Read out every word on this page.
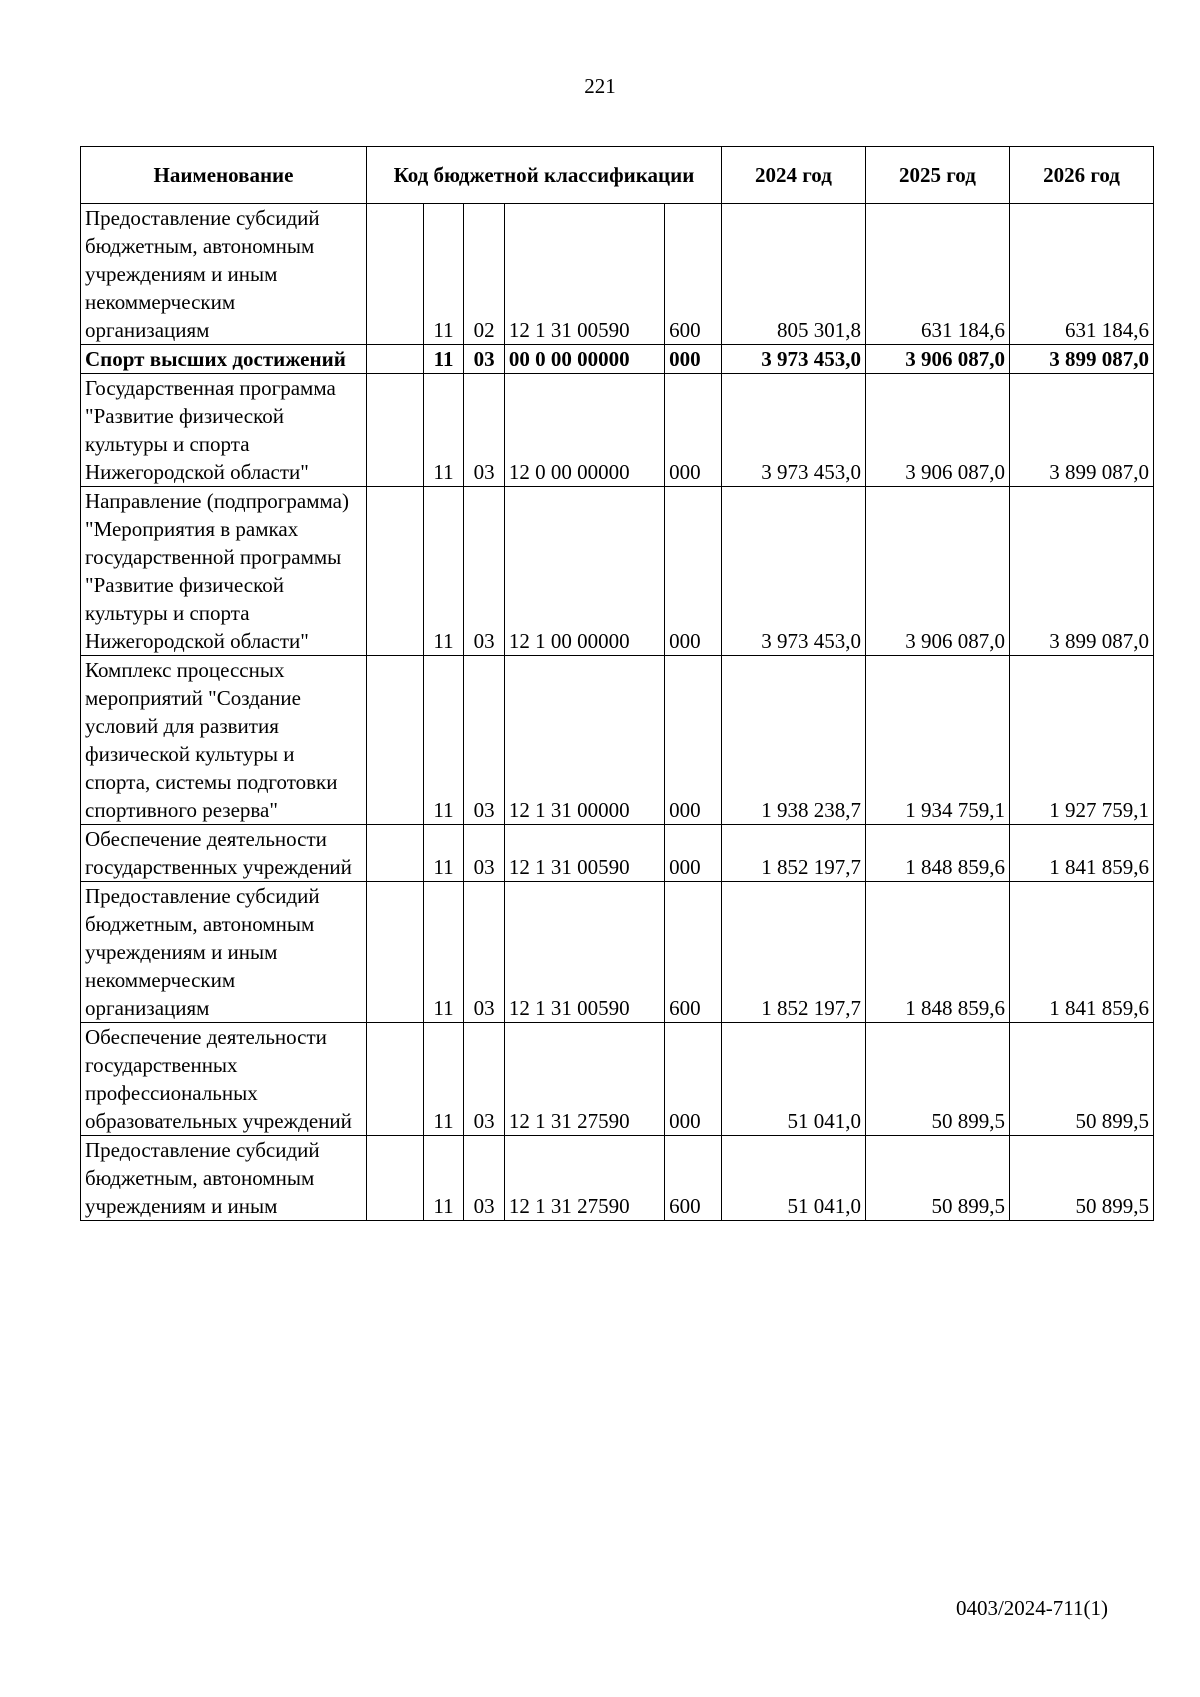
221
Наименование	Код бюджетной классификации					2024 год	2025 год	2026 год
Предоставление субсидий бюджетным, автономным учреждениям и иным некоммерческим организациям		11	02	12 1 31 00590	600	805 301,8	631 184,6	631 184,6
Спорт высших достижений		11	03	00 0 00 00000	000	3 973 453,0	3 906 087,0	3 899 087,0
Государственная программа "Развитие физической культуры и спорта Нижегородской области"		11	03	12 0 00 00000	000	3 973 453,0	3 906 087,0	3 899 087,0
Направление (подпрограмма) "Мероприятия в рамках государственной программы "Развитие физической культуры и спорта Нижегородской области"		11	03	12 1 00 00000	000	3 973 453,0	3 906 087,0	3 899 087,0
Комплекс процессных мероприятий "Создание условий для развития физической культуры и спорта, системы подготовки спортивного резерва"		11	03	12 1 31 00000	000	1 938 238,7	1 934 759,1	1 927 759,1
Обеспечение деятельности государственных учреждений		11	03	12 1 31 00590	000	1 852 197,7	1 848 859,6	1 841 859,6
Предоставление субсидий бюджетным, автономным учреждениям и иным некоммерческим организациям		11	03	12 1 31 00590	600	1 852 197,7	1 848 859,6	1 841 859,6
Обеспечение деятельности государственных профессиональных образовательных учреждений		11	03	12 1 31 27590	000	51 041,0	50 899,5	50 899,5
Предоставление субсидий бюджетным, автономным учреждениям и иным		11	03	12 1 31 27590	600	51 041,0	50 899,5	50 899,5
0403/2024-711(1)
